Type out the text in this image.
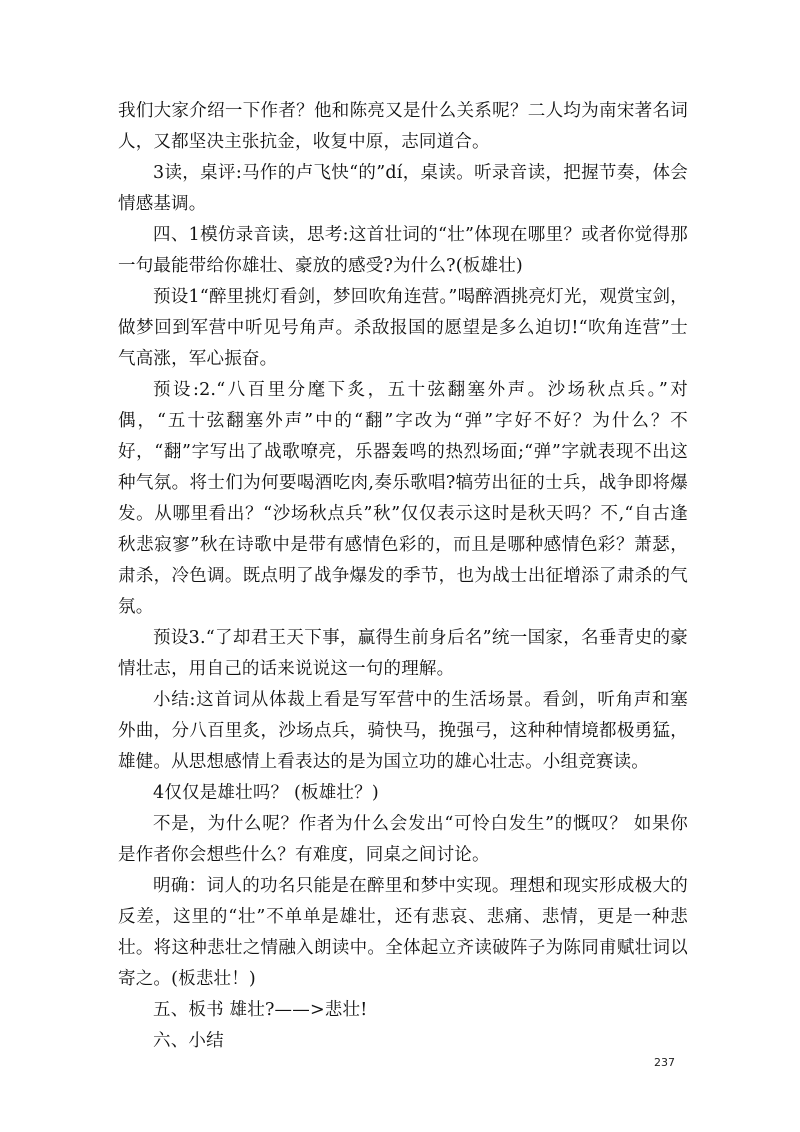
我们大家介绍一下作者？他和陈亮又是什么关系呢？二人均为南宋著名词人，又都坚决主张抗金，收复中原，志同道合。

3读，桌评:马作的卢飞快“的”dí，桌读。听录音读，把握节奏，体会情感基调。

四、1模仿录音读，思考:这首壮词的“壮”体现在哪里？或者你觉得那一句最能带给你雄壮、豪放的感受?为什么?(板雄壮)

预设1“醉里挑灯看剑，梦回吹角连营。”喝醉酒挑亮灯光，观赏宝剑，做梦回到军营中听见号角声。杀敌报国的愿望是多么迫切!“吹角连营”士气高涨，军心振奋。

预设:2.“八百里分麾下炙，五十弦翻塞外声。沙场秋点兵。”对偶，“五十弦翻塞外声”中的“翻”字改为“弹”字好不好？为什么？不好，“翻”字写出了战歌嘹亮，乐器轰鸣的热烈场面;“弹”字就表现不出这种气氛。将士们为何要喝酒吃肉,奏乐歌唱?犒劳出征的士兵，战争即将爆发。从哪里看出？“沙场秋点兵”秋”仅仅表示这时是秋天吗？不,“自古逢秋悲寂寥”秋在诗歌中是带有感情色彩的，而且是哪种感情色彩？萧瑟，肃杀，冷色调。既点明了战争爆发的季节，也为战士出征增添了肃杀的气氛。

预设3.“了却君王天下事，赢得生前身后名”统一国家，名垂青史的豪情壮志，用自己的话来说说这一句的理解。

小结:这首词从体裁上看是写军营中的生活场景。看剑，听角声和塞外曲，分八百里炙，沙场点兵，骑快马，挽强弓，这种种情境都极勇猛，雄健。从思想感情上看表达的是为国立功的雄心壮志。小组竞赛读。

4仅仅是雄壮吗？ (板雄壮？)

不是，为什么呢？作者为什么会发出“可怜白发生”的慨叹？ 如果你是作者你会想些什么？有难度，同桌之间讨论。

明确：词人的功名只能是在醉里和梦中实现。理想和现实形成极大的反差，这里的“壮”不单单是雄壮，还有悲哀、悲痛、悲情，更是一种悲壮。将这种悲壮之情融入朗读中。全体起立齐读破阵子为陈同甫赋壮词以寄之。(板悲壮！)

五、板书 雄壮?——>悲壮!

六、小结

237
